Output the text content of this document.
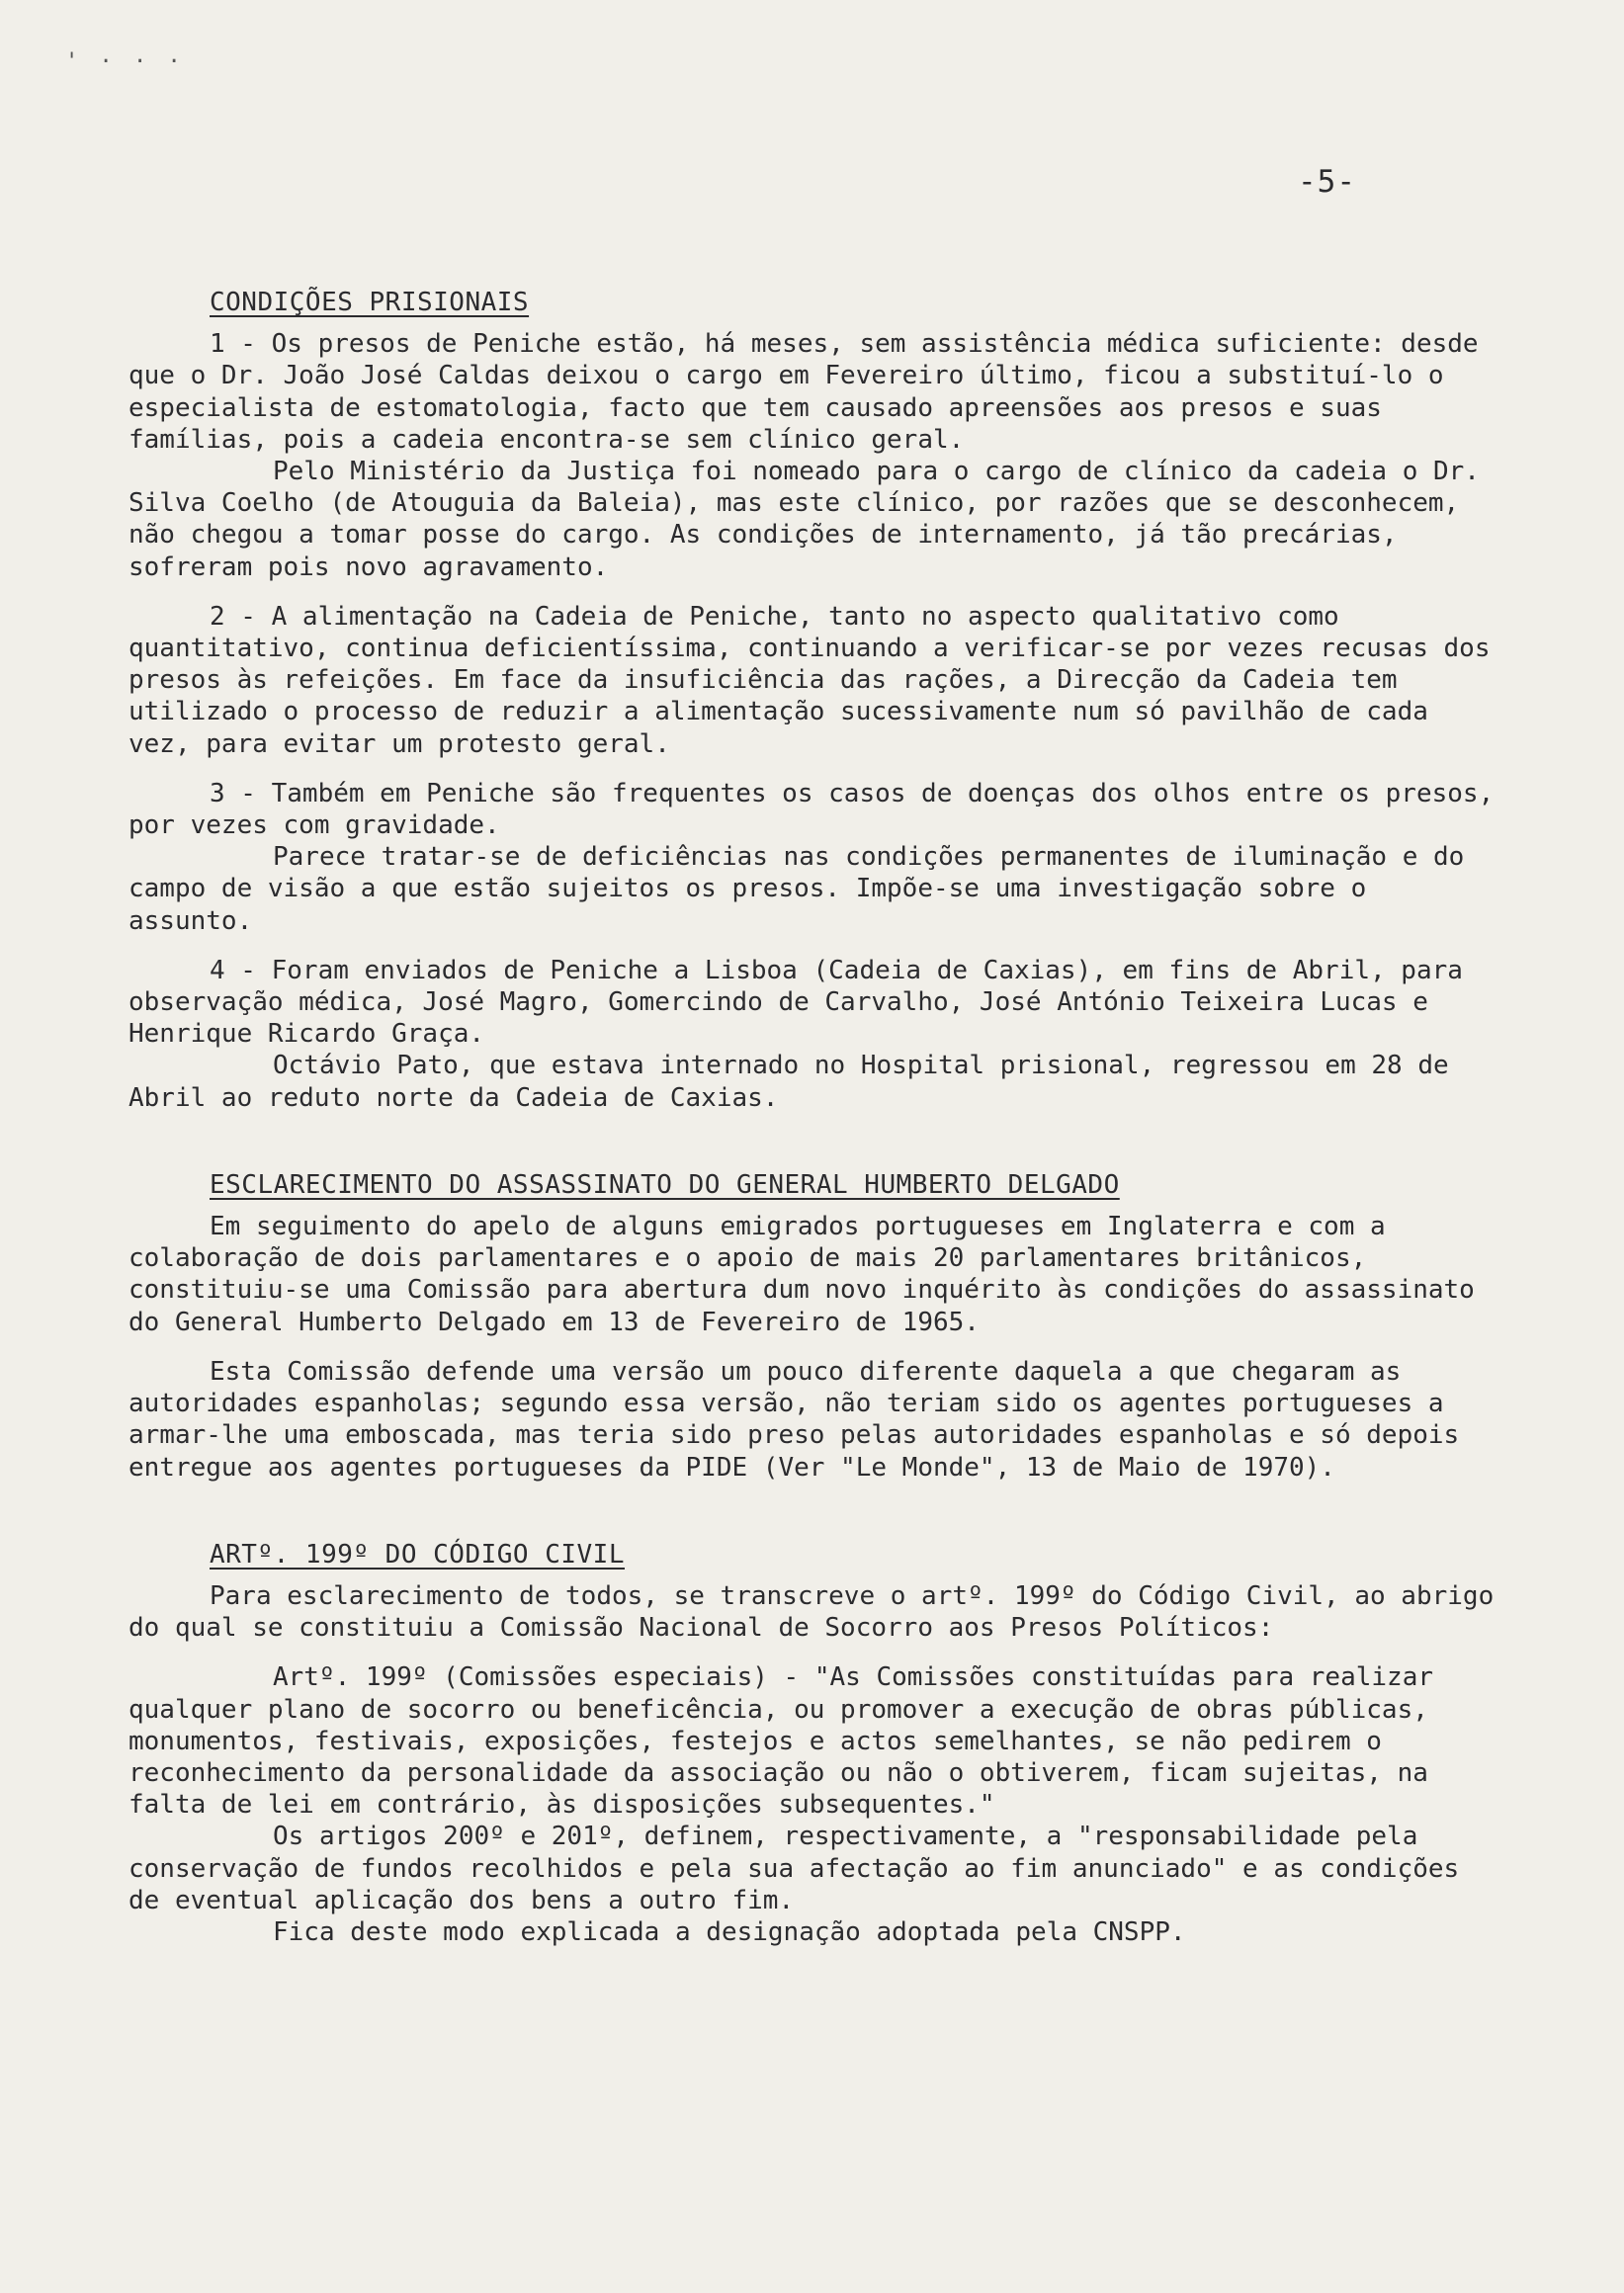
' · · ·
-5-
CONDIÇÕES PRISIONAIS

1 - Os presos de Peniche estão, há meses, sem assistência médica suficiente: desde que o Dr. João José Caldas deixou o cargo em Fevereiro último, ficou a substituí-lo o especialista de estomatologia, facto que tem causado apreensões aos presos e suas famílias, pois a cadeia encontra-se sem clínico geral.

Pelo Ministério da Justiça foi nomeado para o cargo de clínico da cadeia o Dr. Silva Coelho (de Atouguia da Baleia), mas este clínico, por razões que se desconhecem, não chegou a tomar posse do cargo. As condições de internamento, já tão precárias, sofreram pois novo agravamento.

2 - A alimentação na Cadeia de Peniche, tanto no aspecto qualitativo como quantitativo, continua deficientíssima, continuando a verificar-se por vezes recusas dos presos às refeições. Em face da insuficiência das rações, a Direcção da Cadeia tem utilizado o processo de reduzir a alimentação sucessivamente num só pavilhão de cada vez, para evitar um protesto geral.

3 - Também em Peniche são frequentes os casos de doenças dos olhos entre os presos, por vezes com gravidade.

Parece tratar-se de deficiências nas condições permanentes de iluminação e do campo de visão a que estão sujeitos os presos. Impõe-se uma investigação sobre o assunto.

4 - Foram enviados de Peniche a Lisboa (Cadeia de Caxias), em fins de Abril, para observação médica, José Magro, Gomercindo de Carvalho, José António Teixeira Lucas e Henrique Ricardo Graça.

Octávio Pato, que estava internado no Hospital prisional, regressou em 28 de Abril ao reduto norte da Cadeia de Caxias.

ESCLARECIMENTO DO ASSASSINATO DO GENERAL HUMBERTO DELGADO

Em seguimento do apelo de alguns emigrados portugueses em Inglaterra e com a colaboração de dois parlamentares e o apoio de mais 20 parlamentares britânicos, constituiu-se uma Comissão para abertura dum novo inquérito às condições do assassinato do General Humberto Delgado em 13 de Fevereiro de 1965.

Esta Comissão defende uma versão um pouco diferente daquela a que chegaram as autoridades espanholas; segundo essa versão, não teriam sido os agentes portugueses a armar-lhe uma emboscada, mas teria sido preso pelas autoridades espanholas e só depois entregue aos agentes portugueses da PIDE (Ver "Le Monde", 13 de Maio de 1970).

ARTº. 199º DO CÓDIGO CIVIL

Para esclarecimento de todos, se transcreve o artº. 199º do Código Civil, ao abrigo do qual se constituiu a Comissão Nacional de Socorro aos Presos Políticos:

Artº. 199º (Comissões especiais) - "As Comissões constituídas para realizar qualquer plano de socorro ou beneficência, ou promover a execução de obras públicas, monumentos, festivais, exposições, festejos e actos semelhantes, se não pedirem o reconhecimento da personalidade da associação ou não o obtiverem, ficam sujeitas, na falta de lei em contrário, às disposições subsequentes."

Os artigos 200º e 201º, definem, respectivamente, a "responsabilidade pela conservação de fundos recolhidos e pela sua afectação ao fim anunciado" e as condições de eventual aplicação dos bens a outro fim.

Fica deste modo explicada a designação adoptada pela CNSPP.
